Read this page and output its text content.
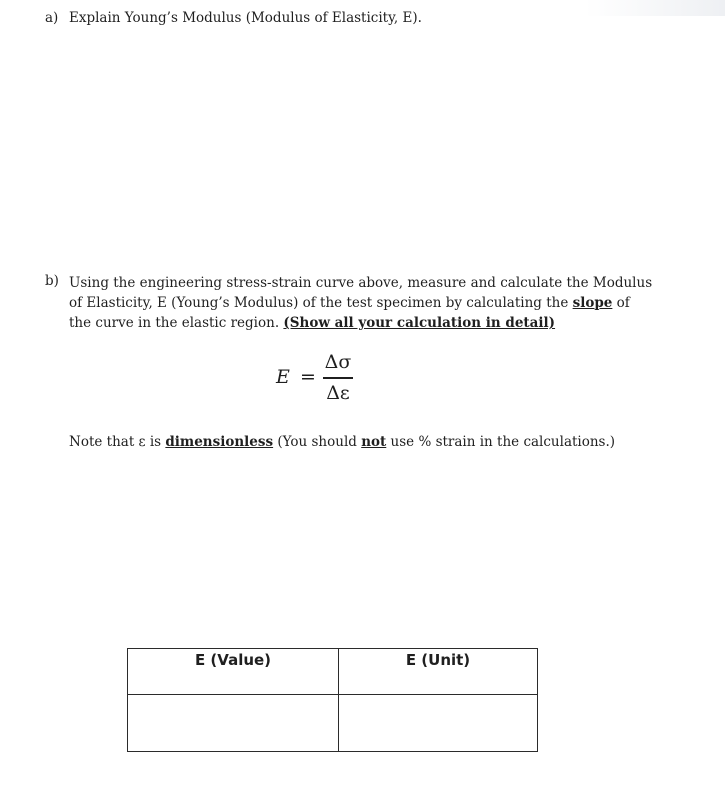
a) Explain Young’s Modulus (Modulus of Elasticity, E).
b) Using the engineering stress-strain curve above, measure and calculate the Modulus
of Elasticity, E (Young’s Modulus) of the test specimen by calculating the slope of
the curve in the elastic region. (Show all your calculation in detail)
E =
Δσ
Δε
Note that ε is dimensionless (You should not use % strain in the calculations.)
E (Value)	E (Unit)
